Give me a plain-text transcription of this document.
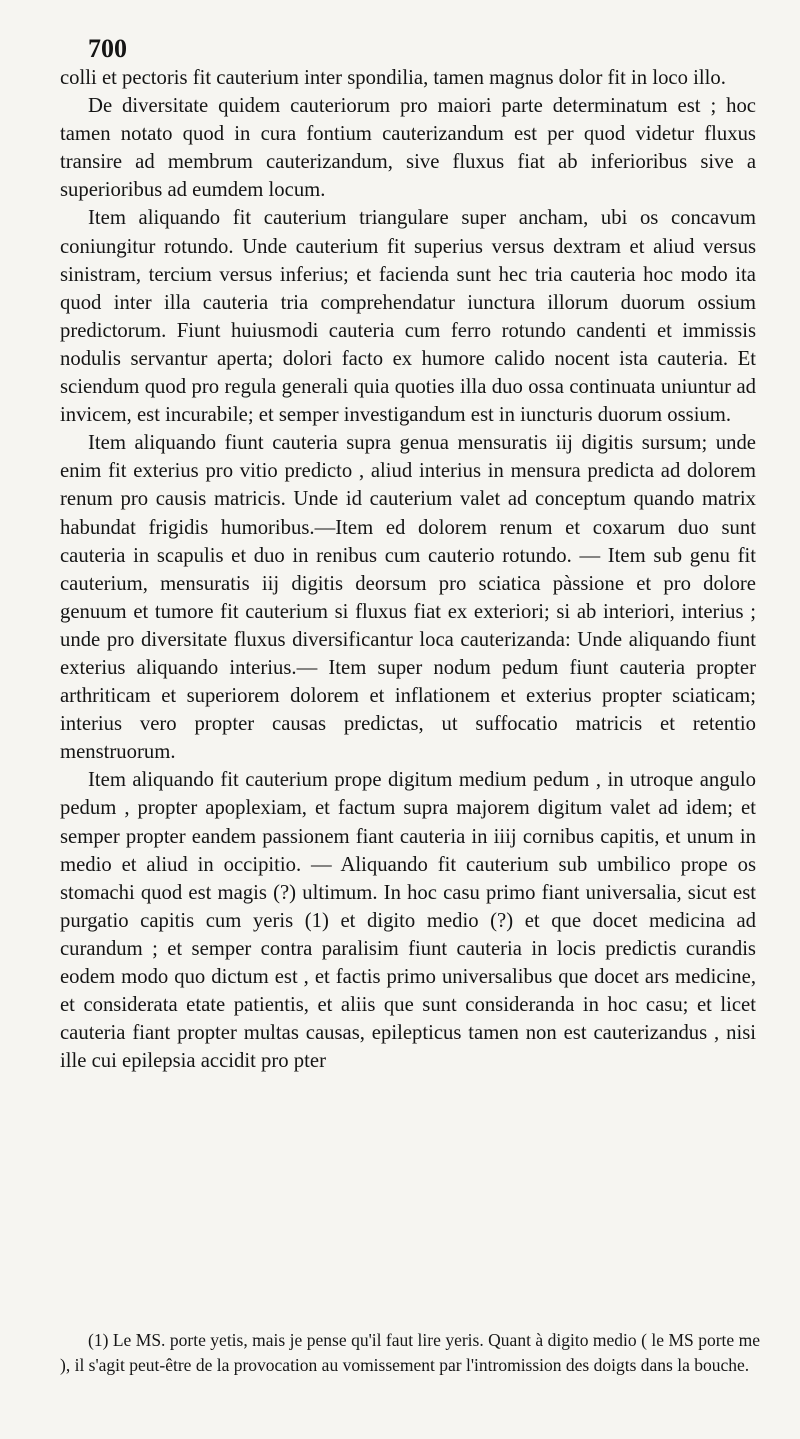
700

colli et pectoris fit cauterium inter spondilia, tamen magnus dolor fit in loco illo.

De diversitate quidem cauteriorum pro maiori parte determinatum est ; hoc tamen notato quod in cura fontium cauterizandum est per quod videtur fluxus transire ad membrum cauterizandum, sive fluxus fiat ab inferioribus sive a superioribus ad eumdem locum.

Item aliquando fit cauterium triangulare super ancham, ubi os concavum coniungitur rotundo. Unde cauterium fit superius versus dextram et aliud versus sinistram, tercium versus inferius; et facienda sunt hec tria cauteria hoc modo ita quod inter illa cauteria tria comprehendatur iunctura illorum duorum ossium predictorum. Fiunt huiusmodi cauteria cum ferro rotundo candenti et immissis nodulis servantur aperta; dolori facto ex humore calido nocent ista cauteria. Et sciendum quod pro regula generali quia quoties illa duo ossa continuata uniuntur ad invicem, est incurabile; et semper investigandum est in iuncturis duorum ossium.

Item aliquando fiunt cauteria supra genua mensuratis iij digitis sursum; unde enim fit exterius pro vitio predicto , aliud interius in mensura predicta ad dolorem renum pro causis matricis. Unde id cauterium valet ad conceptum quando matrix habundat frigidis humoribus.—Item ed dolorem renum et coxarum duo sunt cauteria in scapulis et duo in renibus cum cauterio rotundo. — Item sub genu fit cauterium, mensuratis iij digitis deorsum pro sciatica pàssione et pro dolore genuum et tumore fit cauterium si fluxus fiat ex exteriori; si ab interiori, interius ; unde pro diversitate fluxus diversificantur loca cauterizanda: Unde aliquando fiunt exterius aliquando interius.— Item super nodum pedum fiunt cauteria propter arthriticam et superiorem dolorem et inflationem et exterius propter sciaticam; interius vero propter causas predictas, ut suffocatio matricis et retentio menstruorum.

Item aliquando fit cauterium prope digitum medium pedum , in utroque angulo pedum , propter apoplexiam, et factum supra majorem digitum valet ad idem; et semper propter eandem passionem fiant cauteria in iiij cornibus capitis, et unum in medio et aliud in occipitio. — Aliquando fit cauterium sub umbilico prope os stomachi quod est magis (?) ultimum. In hoc casu primo fiant universalia, sicut est purgatio capitis cum yeris (1) et digito medio (?) et que docet medicina ad curandum ; et semper contra paralisim fiunt cauteria in locis predictis curandis eodem modo quo dictum est , et factis primo universalibus que docet ars medicine, et considerata etate patientis, et aliis que sunt consideranda in hoc casu; et licet cauteria fiant propter multas causas, epilepticus tamen non est cauterizandus , nisi ille cui epilepsia accidit pro pter

(1) Le MS. porte yetis, mais je pense qu'il faut lire yeris. Quant à digito medio ( le MS porte me ), il s'agit peut-être de la provocation au vomissement par l'intromission des doigts dans la bouche.
